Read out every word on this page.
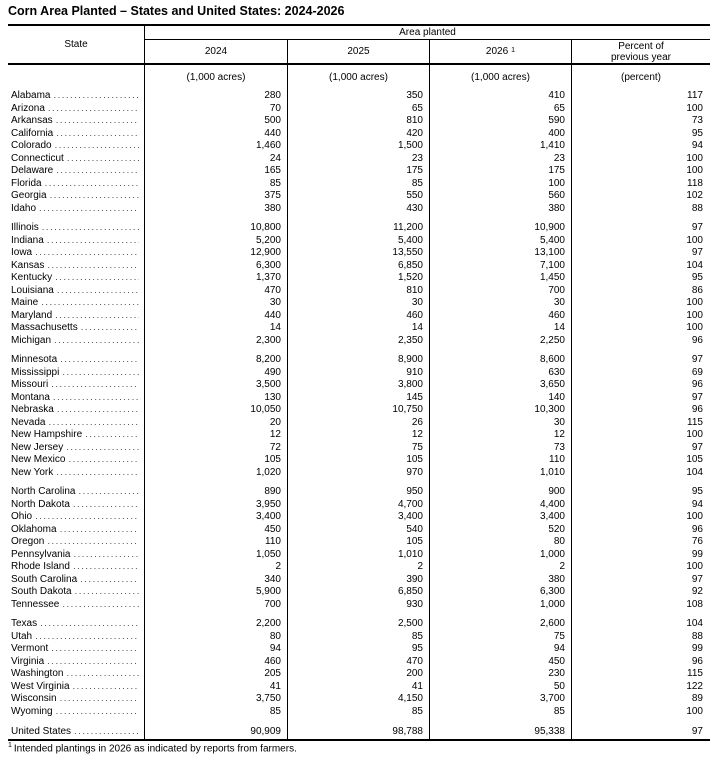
Corn Area Planted – States and United States: 2024-2026
State
Area planted
2024	2025	2026 $^1$	Percent of
previous year
(1,000 acres)	(1,000 acres)	(1,000 acres)	(percent)
Alabama .....	280	350	410	117
Arizona .....	70	65	65	100
Arkansas .....	500	810	590	73
California .....	440	420	400	95
Colorado .....	1,460	1,500	1,410	94
Connecticut .....	24	23	23	100
Delaware .....	165	175	175	100
Florida .....	85	85	100	118
Georgia .....	375	550	560	102
Idaho .....	380	430	380	88
Illinois .....	10,800	11,200	10,900	97
Indiana .....	5,200	5,400	5,400	100
Iowa .....	12,900	13,550	13,100	97
Kansas .....	6,300	6,850	7,100	104
Kentucky .....	1,370	1,520	1,450	95
Louisiana .....	470	810	700	86
Maine .....	30	30	30	100
Maryland .....	440	460	460	100
Massachusetts .....	14	14	14	100
Michigan .....	2,300	2,350	2,250	96
Minnesota .....	8,200	8,900	8,600	97
Mississippi .....	490	910	630	69
Missouri .....	3,500	3,800	3,650	96
Montana .....	130	145	140	97
Nebraska .....	10,050	10,750	10,300	96
Nevada .....	20	26	30	115
New Hampshire .....	12	12	12	100
New Jersey .....	72	75	73	97
New Mexico .....	105	105	110	105
New York .....	1,020	970	1,010	104
North Carolina .....	890	950	900	95
North Dakota .....	3,950	4,700	4,400	94
Ohio .....	3,400	3,400	3,400	100
Oklahoma .....	450	540	520	96
Oregon .....	110	105	80	76
Pennsylvania .....	1,050	1,010	1,000	99
Rhode Island .....	2	2	2	100
South Carolina .....	340	390	380	97
South Dakota .....	5,900	6,850	6,300	92
Tennessee .....	700	930	1,000	108
Texas .....	2,200	2,500	2,600	104
Utah .....	80	85	75	88
Vermont .....	94	95	94	99
Virginia .....	460	470	450	96
Washington .....	205	200	230	115
West Virginia .....	41	41	50	122
Wisconsin .....	3,750	4,150	3,700	89
Wyoming .....	85	85	85	100
United States .....	90,909	98,788	95,338	97
$^1$ Intended plantings in 2026 as indicated by reports from farmers.
